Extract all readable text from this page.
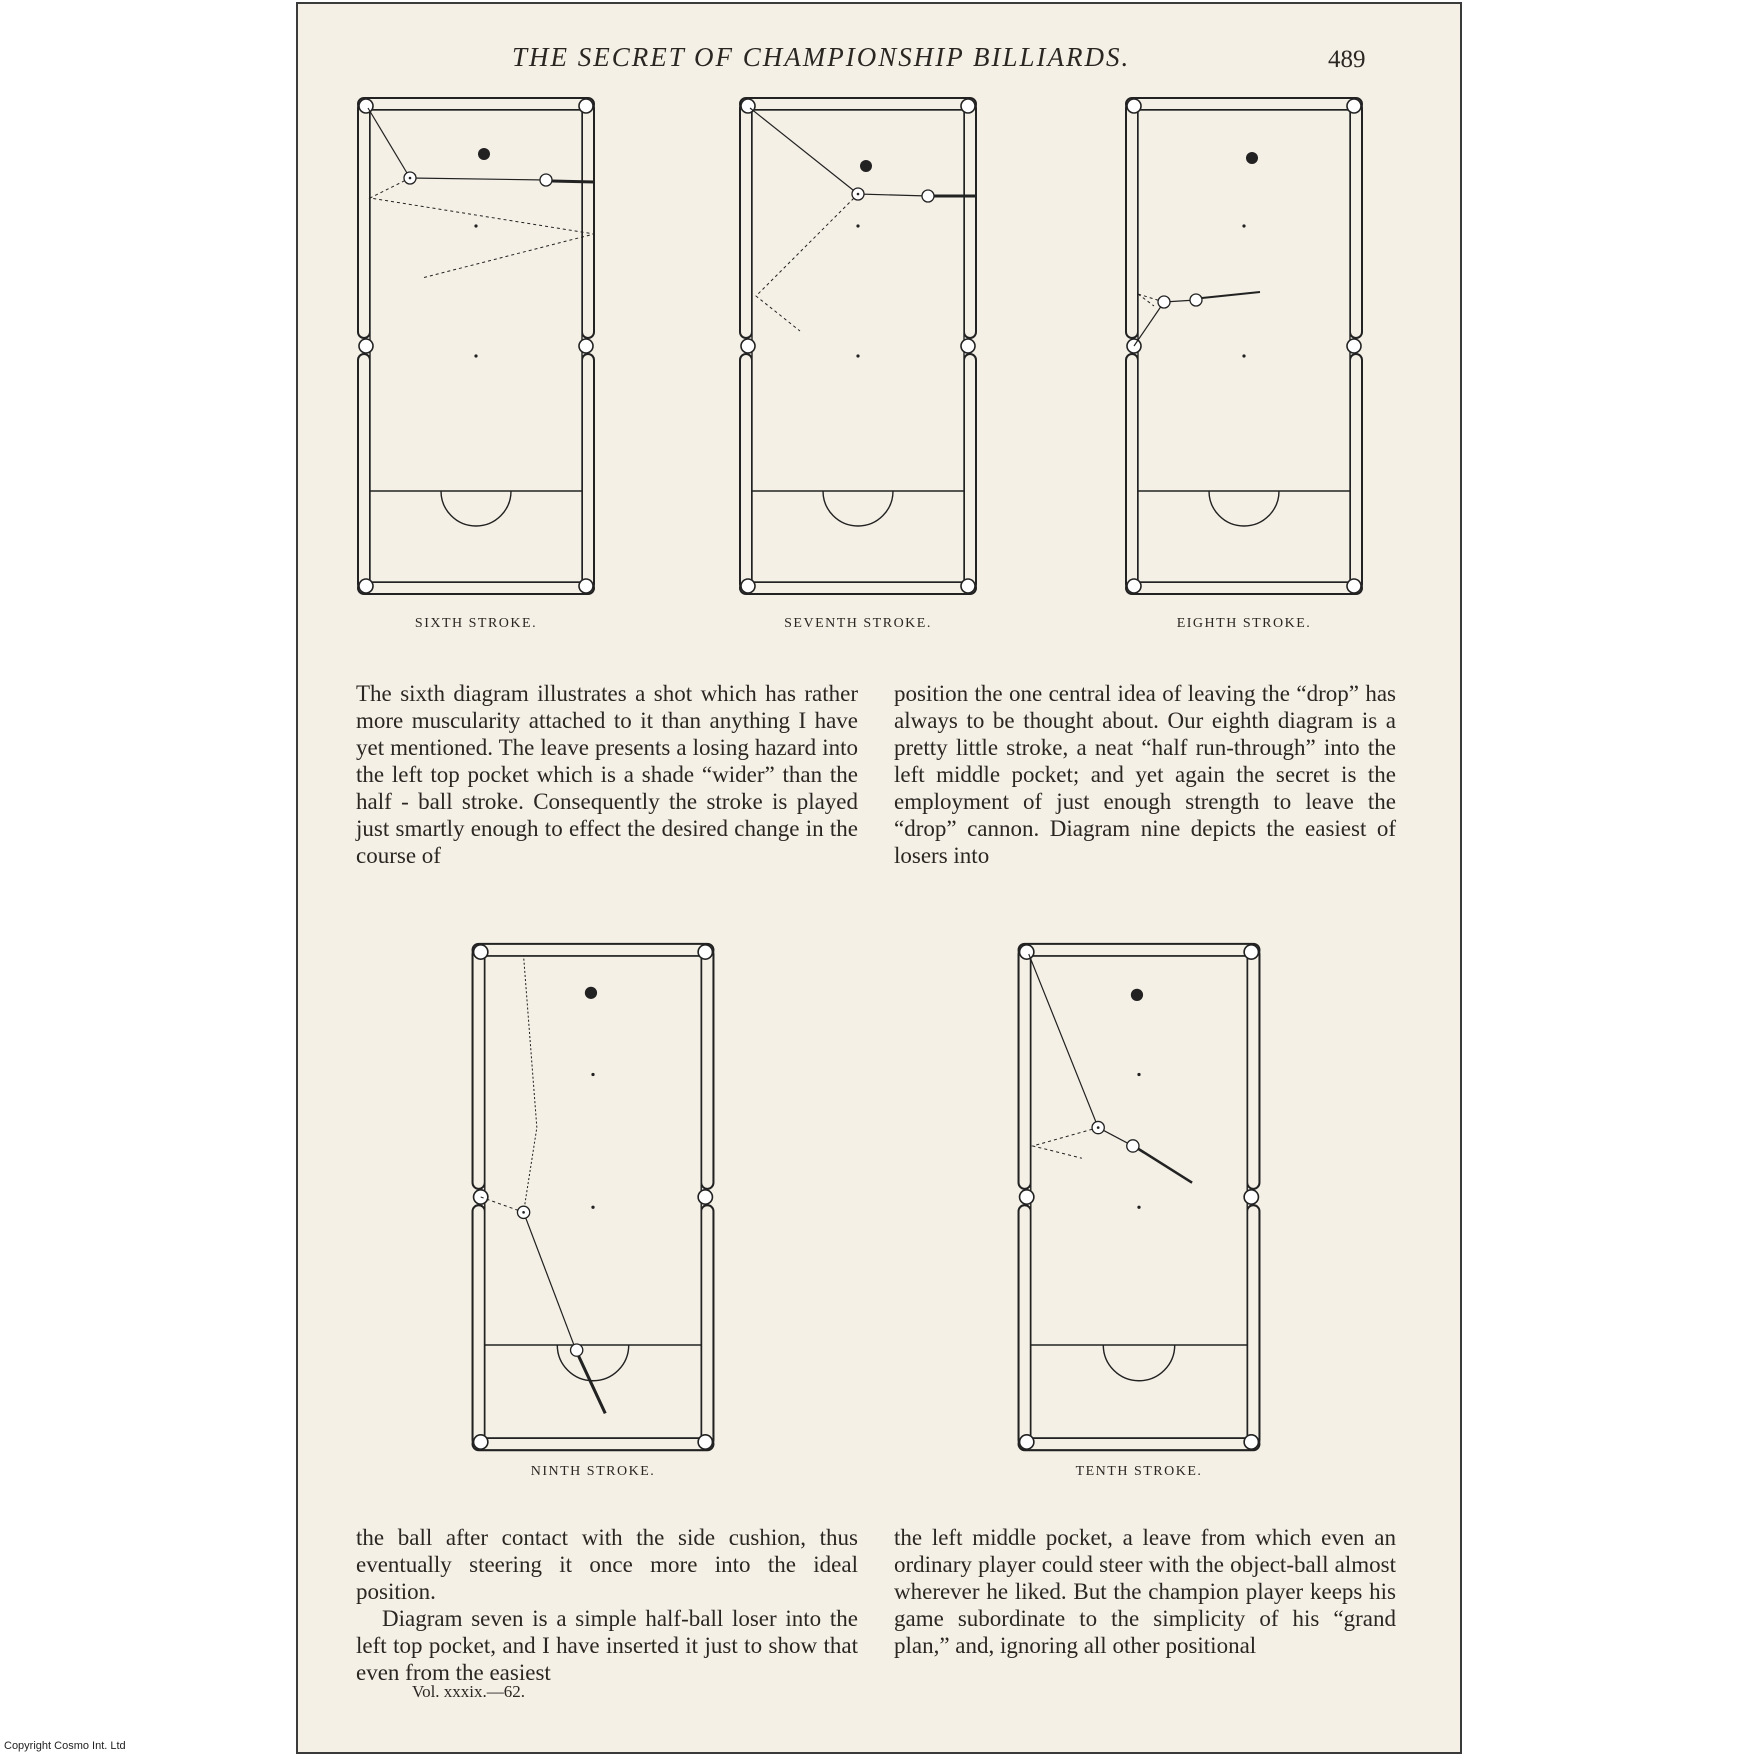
THE SECRET OF CHAMPIONSHIP BILLIARDS.	489
SIXTH STROKE.	SEVENTH STROKE.	EIGHTH STROKE.

The sixth diagram illustrates a shot which has rather more muscularity attached to it than anything I have yet mentioned. The leave presents a losing hazard into the left top pocket which is a shade “wider” than the half - ball stroke. Consequently the stroke is played just smartly enough to effect the desired change in the course of

position the one central idea of leaving the “drop” has always to be thought about. Our eighth diagram is a pretty little stroke, a neat “half run-through” into the left middle pocket; and yet again the secret is the employment of just enough strength to leave the “drop” cannon. Diagram nine depicts the easiest of losers into

NINTH STROKE.	TENTH STROKE.

the ball after contact with the side cushion, thus eventually steering it once more into the ideal position.

Diagram seven is a simple half-ball loser into the left top pocket, and I have inserted it just to show that even from the easiest

the left middle pocket, a leave from which even an ordinary player could steer with the object-ball almost wherever he liked. But the champion player keeps his game subordinate to the simplicity of his “grand plan,” and, ignoring all other positional

Vol. xxxix.—62.
Copyright Cosmo Int. Ltd
